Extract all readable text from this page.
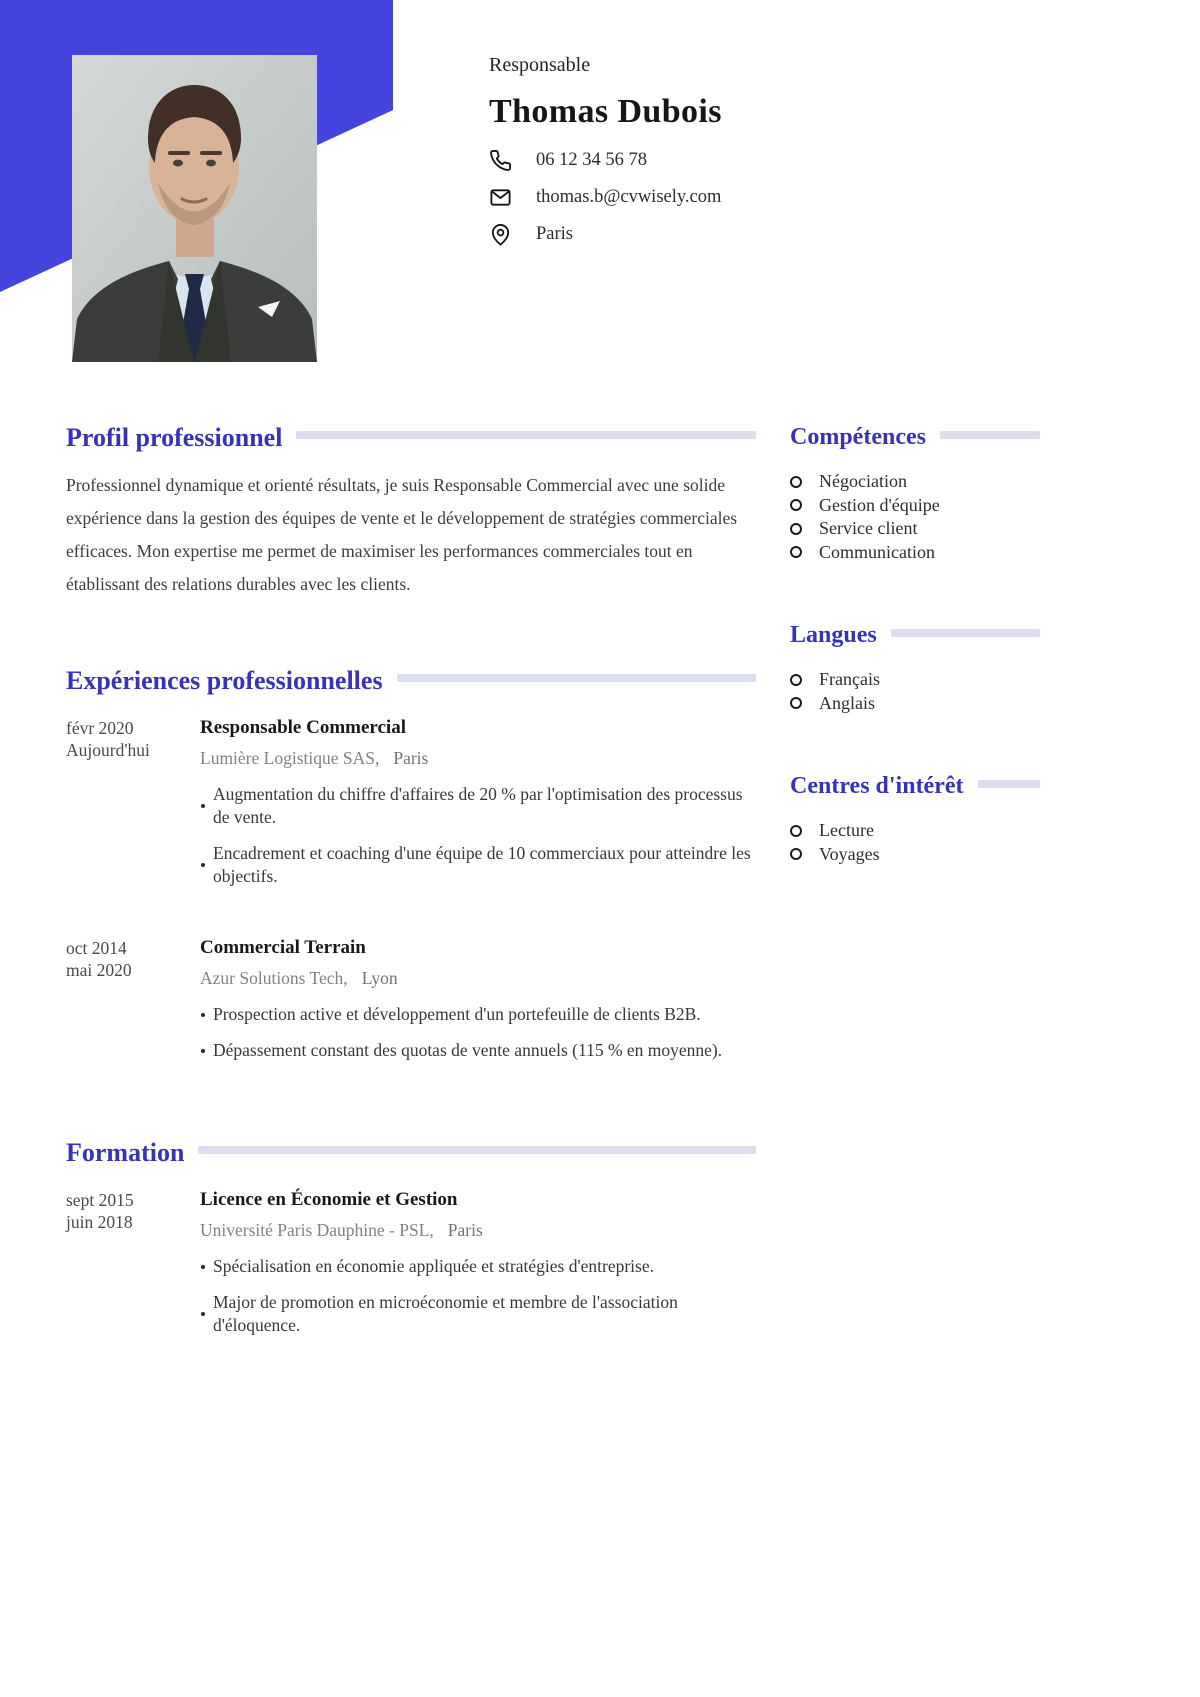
Responsable
Thomas Dubois
06 12 34 56 78
thomas.b@cvwisely.com
Paris
Profil professionnel

Professionnel dynamique et orienté résultats, je suis Responsable Commercial avec une solide expérience dans la gestion des équipes de vente et le développement de stratégies commerciales efficaces. Mon expertise me permet de maximiser les performances commerciales tout en établissant des relations durables avec les clients.

Expériences professionnelles
févr 2020
Aujourd'hui
Responsable Commercial
Lumière Logistique SAS, Paris
Augmentation du chiffre d'affaires de 20 % par l'optimisation des processus de vente.
Encadrement et coaching d'une équipe de 10 commerciaux pour atteindre les objectifs.
oct 2014
mai 2020
Commercial Terrain
Azur Solutions Tech, Lyon
Prospection active et développement d'un portefeuille de clients B2B.
Dépassement constant des quotas de vente annuels (115 % en moyenne).
Formation
sept 2015
juin 2018
Licence en Économie et Gestion
Université Paris Dauphine - PSL, Paris
Spécialisation en économie appliquée et stratégies d'entreprise.
Major de promotion en microéconomie et membre de l'association d'éloquence.
Compétences
Négociation
Gestion d'équipe
Service client
Communication
Langues
Français
Anglais
Centres d'intérêt
Lecture
Voyages
